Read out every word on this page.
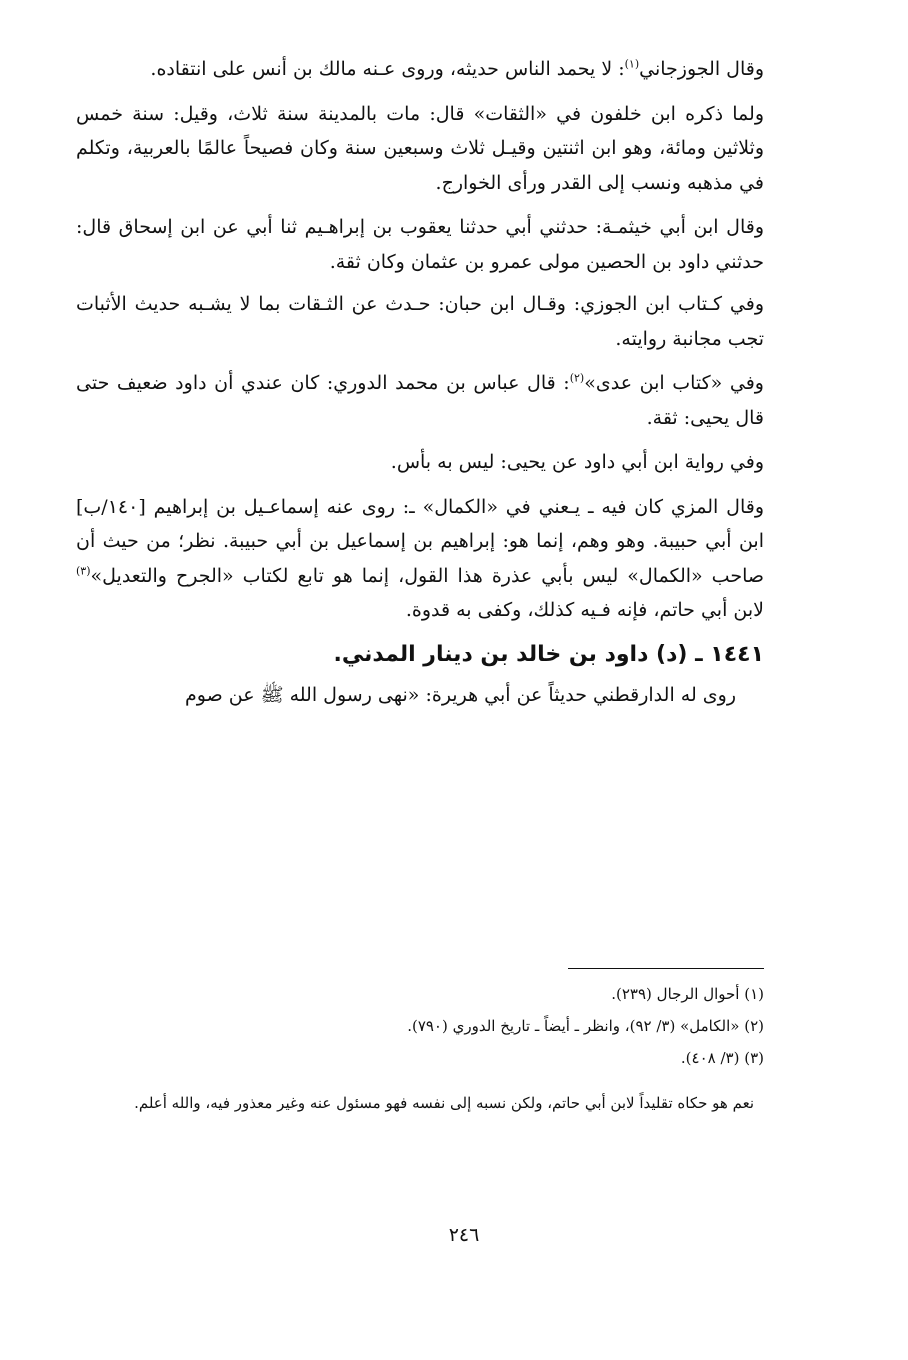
وقال الجوزجاني$^{(١)}$: لا يحمد الناس حديثه، وروى عـنه مالك بن أنس على انتقاده.

ولما ذكره ابن خلفون في «الثقات» قال: مات بالمدينة سنة ثلاث، وقيل: سنة خمس وثلاثين ومائة، وهو ابن اثنتين وقيـل ثلاث وسبعين سنة وكان فصيحاً عالمًا بالعربية، وتكلم في مذهبه ونسب إلى القدر ورأى الخوارج.

وقال ابن أبي خيثمـة: حدثني أبي حدثنا يعقوب بن إبراهـيم ثنا أبي عن ابن إسحاق قال: حدثني داود بن الحصين مولى عمرو بن عثمان وكان ثقة.

وفي كـتاب ابن الجوزي: وقـال ابن حبان: حـدث عن الثـقات بما لا يشـبه حديث الأثبات تجب مجانبة روايته.

وفي «كتاب ابن عدى»$^{(٢)}$: قال عباس بن محمد الدوري: كان عندي أن داود ضعيف حتى قال يحيى: ثقة.

وفي رواية ابن أبي داود عن يحيى: ليس به بأس.

وقال المزي كان فيه ـ يـعني في «الكمال» ـ: روى عنه إسماعـيل بن إبراهيم [١٤٠/ب] ابن أبي حبيبة. وهو وهم، إنما هو: إبراهيم بن إسماعيل بن أبي حبيبة. نظر؛ من حيث أن صاحب «الكمال» ليس بأبي عذرة هذا القول، إنما هو تابع لكتاب «الجرح والتعديل»$^{(٣)}$ لابن أبي حاتم، فإنه فـيه كذلك، وكفى به قدوة.

١٤٤١ ـ (د) داود بن خالد بن دينار المدني.

روى له الدارقطني حديثاً عن أبي هريرة: «نهى رسول الله ﷺ عن صوم

(١) أحوال الرجال (٢٣٩).

(٢) «الكامل» (٣/ ٩٢)، وانظر ـ أيضاً ـ تاريخ الدوري (٧٩٠).

(٣) (٣/ ٤٠٨).

نعم هو حكاه تقليداً لابن أبي حاتم، ولكن نسبه إلى نفسه فهو مسئول عنه وغير معذور فيه، والله أعلم.

٢٤٦
